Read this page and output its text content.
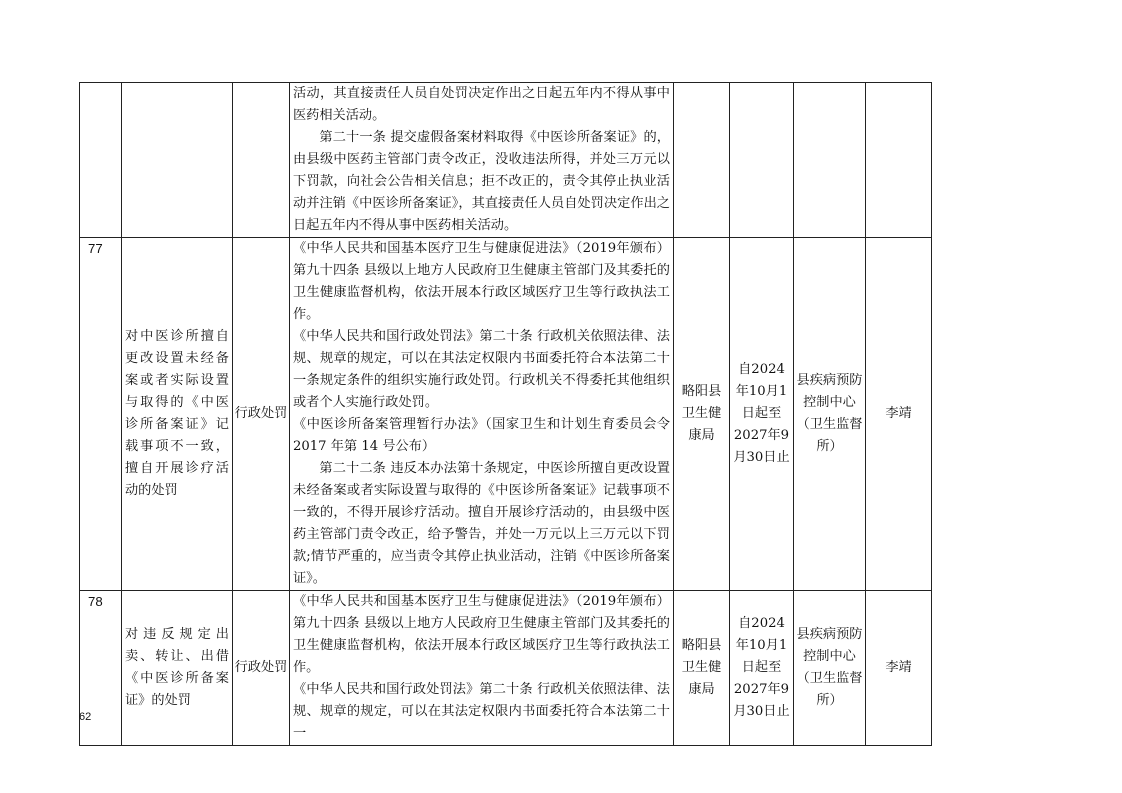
			活动，其直接责任人员自处罚决定作出之日起五年内不得从事中医药相关活动。

第二十一条 提交虚假备案材料取得《中医诊所备案证》的，由县级中医药主管部门责令改正，没收违法所得，并处三万元以下罚款，向社会公告相关信息；拒不改正的，责令其停止执业活动并注销《中医诊所备案证》，其直接责任人员自处罚决定作出之日起五年内不得从事中医药相关活动。				

77	对中医诊所擅自更改设置未经备案或者实际设置与取得的《中医诊所备案证》记载事项不一致，擅自开展诊疗活动的处罚	行政处罚	《中华人民共和国基本医疗卫生与健康促进法》（2019年颁布）第九十四条 县级以上地方人民政府卫生健康主管部门及其委托的卫生健康监督机构，依法开展本行政区域医疗卫生等行政执法工作。

《中华人民共和国行政处罚法》第二十条 行政机关依照法律、法规、规章的规定，可以在其法定权限内书面委托符合本法第二十一条规定条件的组织实施行政处罚。行政机关不得委托其他组织或者个人实施行政处罚。

《中医诊所备案管理暂行办法》（国家卫生和计划生育委员会令 2017 年第 14 号公布）

第二十二条 违反本办法第十条规定，中医诊所擅自更改设置未经备案或者实际设置与取得的《中医诊所备案证》记载事项不一致的，不得开展诊疗活动。擅自开展诊疗活动的，由县级中医药主管部门责令改正，给予警告，并处一万元以上三万元以下罚款;情节严重的，应当责令其停止执业活动，注销《中医诊所备案证》。	略阳县卫生健康局	自2024年10月1日起至2027年9月30日止	县疾病预防控制中心（卫生监督所）	李靖
78	对违反规定出卖、转让、出借《中医诊所备案证》的处罚	行政处罚	《中华人民共和国基本医疗卫生与健康促进法》（2019年颁布）第九十四条 县级以上地方人民政府卫生健康主管部门及其委托的卫生健康监督机构，依法开展本行政区域医疗卫生等行政执法工作。

《中华人民共和国行政处罚法》第二十条 行政机关依照法律、法规、规章的规定，可以在其法定权限内书面委托符合本法第二十一	略阳县卫生健康局	自2024年10月1日起至2027年9月30日止	县疾病预防控制中心（卫生监督所）	李靖
62
